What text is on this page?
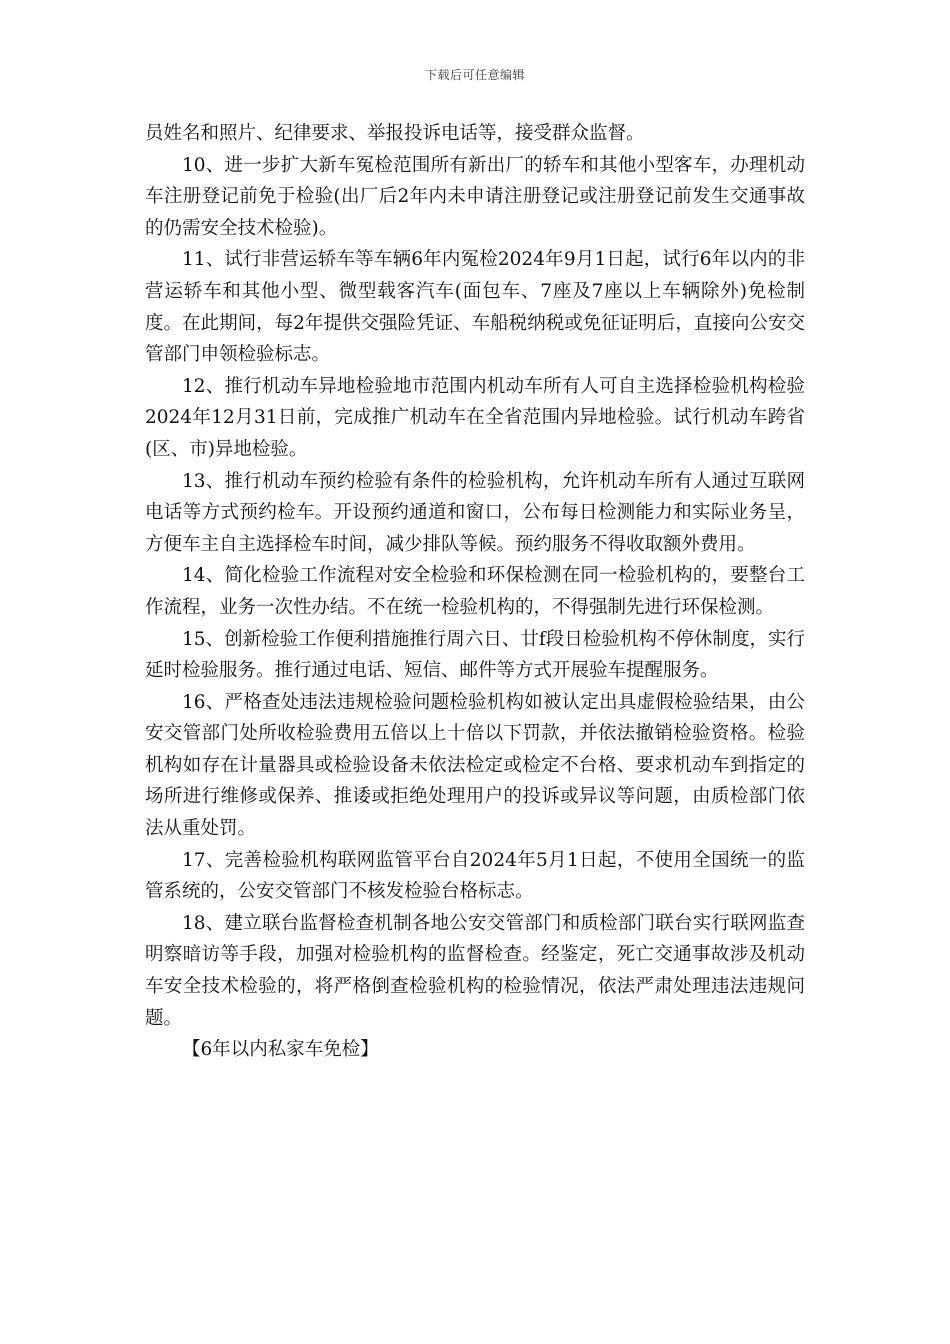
下载后可任意编辑

员姓名和照片、纪律要求、举报投诉电话等，接受群众监督。

10、进一步扩大新车冤检范围所有新出厂的轿车和其他小型客车，办理机动车注册登记前免于检验(出厂后2年内未申请注册登记或注册登记前发生交通事故的仍需安全技术检验)。

11、试行非营运轿车等车辆6年内冤检2024年9月1日起，试行6年以内的非营运轿车和其他小型、微型载客汽车(面包车、7座及7座以上车辆除外)免检制度。在此期间，每2年提供交强险凭证、车船税纳税或免征证明后，直接向公安交管部门申领检验标志。

12、推行机动车异地检验地市范围内机动车所有人可自主选择检验机构检验2024年12月31日前，完成推广机动车在全省范围内异地检验。试行机动车跨省(区、市)异地检验。

13、推行机动车预约检验有条件的检验机构，允许机动车所有人通过互联网电话等方式预约检车。开设预约通道和窗口，公布每日检测能力和实际业务呈，方便车主自主选择检车时间，减少排队等候。预约服务不得收取额外费用。

14、简化检验工作流程对安全检验和环保检测在同一检验机构的，要整台工作流程，业务一次性办结。不在统一检验机构的，不得强制先进行环保检测。

15、创新检验工作便利措施推行周六日、廿f段日检验机构不停休制度，实行延时检验服务。推行通过电话、短信、邮件等方式开展验车提醒服务。

16、严格查处违法违规检验问题检验机构如被认定出具虚假检验结果，由公安交管部门处所收检验费用五倍以上十倍以下罚款，并依法撤销检验资格。检验机构如存在计量器具或检验设备未依法检定或检定不台格、要求机动车到指定的场所进行维修或保养、推诿或拒绝处理用户的投诉或异议等问题，由质检部门依法从重处罚。

17、完善检验机构联网监管平台自2024年5月1日起，不使用全国统一的监管系统的，公安交管部门不核发检验台格标志。

18、建立联台监督检查机制各地公安交管部门和质检部门联台实行联网监查明察暗访等手段，加强对检验机构的监督检查。经鉴定，死亡交通事故涉及机动车安全技术检验的，将严格倒查检验机构的检验情况，依法严肃处理违法违规问题。

【6年以内私家车免检】
